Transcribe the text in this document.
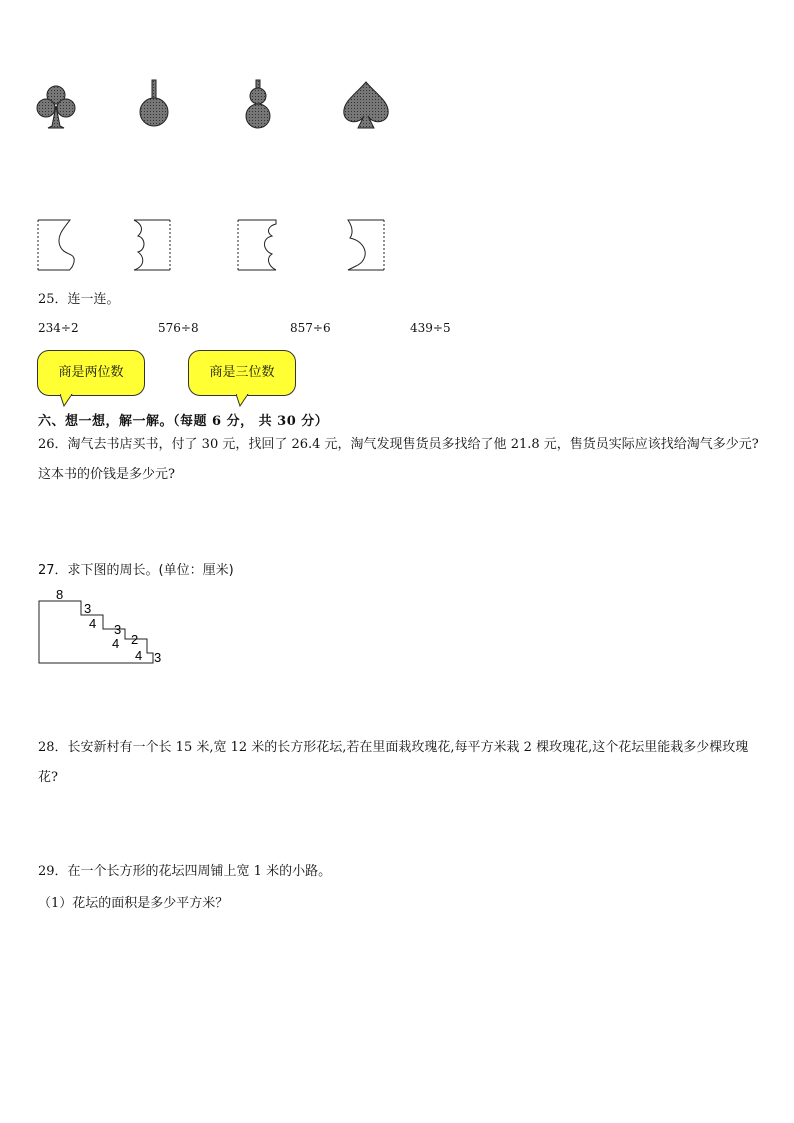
25．连一连。
234÷2	576÷8	857÷6	439÷5
商是两位数	商是三位数
六、想一想，解一解。（每题 6 分， 共 30 分）
26．淘气去书店买书，付了 30 元，找回了 26.4 元，淘气发现售货员多找给了他 21.8 元，售货员实际应该找给淘气多少元?这本书的价钱是多少元?
27．求下图的周长。(单位：厘米)
8
3
4 3
4 2
4 3
28．长安新村有一个长 15 米,宽 12 米的长方形花坛,若在里面栽玫瑰花,每平方米栽 2 棵玫瑰花,这个花坛里能栽多少棵玫瑰花?
29．在一个长方形的花坛四周铺上宽 1 米的小路。
（1）花坛的面积是多少平方米？
